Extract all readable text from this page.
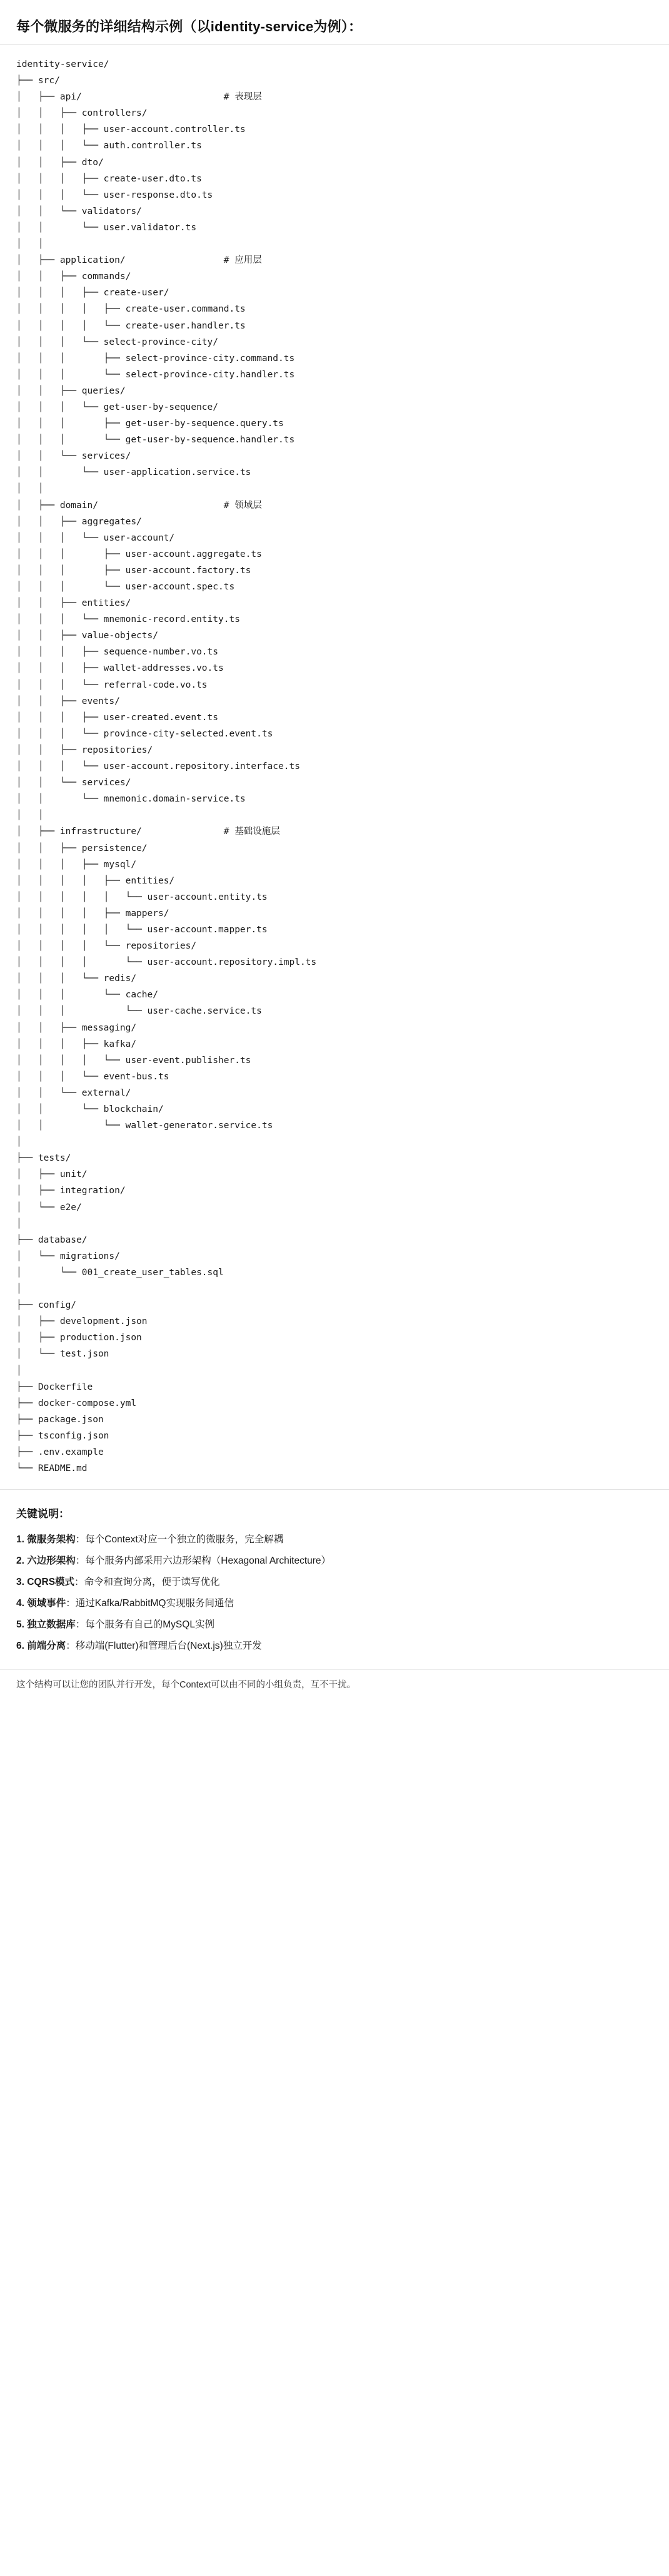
每个微服务的详细结构示例（以identity-service为例）：
identity-service/
├── src/
│   ├── api/                          # 表现层
│   │   ├── controllers/
│   │   │   ├── user-account.controller.ts
│   │   │   └── auth.controller.ts
│   │   ├── dto/
│   │   │   ├── create-user.dto.ts
│   │   │   └── user-response.dto.ts
│   │   └── validators/
│   │       └── user.validator.ts
│   │
│   ├── application/                  # 应用层
│   │   ├── commands/
│   │   │   ├── create-user/
│   │   │   │   ├── create-user.command.ts
│   │   │   │   └── create-user.handler.ts
│   │   │   └── select-province-city/
│   │   │       ├── select-province-city.command.ts
│   │   │       └── select-province-city.handler.ts
│   │   ├── queries/
│   │   │   └── get-user-by-sequence/
│   │   │       ├── get-user-by-sequence.query.ts
│   │   │       └── get-user-by-sequence.handler.ts
│   │   └── services/
│   │       └── user-application.service.ts
│   │
│   ├── domain/                       # 领域层
│   │   ├── aggregates/
│   │   │   └── user-account/
│   │   │       ├── user-account.aggregate.ts
│   │   │       ├── user-account.factory.ts
│   │   │       └── user-account.spec.ts
│   │   ├── entities/
│   │   │   └── mnemonic-record.entity.ts
│   │   ├── value-objects/
│   │   │   ├── sequence-number.vo.ts
│   │   │   ├── wallet-addresses.vo.ts
│   │   │   └── referral-code.vo.ts
│   │   ├── events/
│   │   │   ├── user-created.event.ts
│   │   │   └── province-city-selected.event.ts
│   │   ├── repositories/
│   │   │   └── user-account.repository.interface.ts
│   │   └── services/
│   │       └── mnemonic.domain-service.ts
│   │
│   ├── infrastructure/               # 基础设施层
│   │   ├── persistence/
│   │   │   ├── mysql/
│   │   │   │   ├── entities/
│   │   │   │   │   └── user-account.entity.ts
│   │   │   │   ├── mappers/
│   │   │   │   │   └── user-account.mapper.ts
│   │   │   │   └── repositories/
│   │   │   │       └── user-account.repository.impl.ts
│   │   │   └── redis/
│   │   │       └── cache/
│   │   │           └── user-cache.service.ts
│   │   ├── messaging/
│   │   │   ├── kafka/
│   │   │   │   └── user-event.publisher.ts
│   │   │   └── event-bus.ts
│   │   └── external/
│   │       └── blockchain/
│   │           └── wallet-generator.service.ts
│
├── tests/
│   ├── unit/
│   ├── integration/
│   └── e2e/
│
├── database/
│   └── migrations/
│       └── 001_create_user_tables.sql
│
├── config/
│   ├── development.json
│   ├── production.json
│   └── test.json
│
├── Dockerfile
├── docker-compose.yml
├── package.json
├── tsconfig.json
├── .env.example
└── README.md
关键说明：
1. 微服务架构：每个Context对应一个独立的微服务，完全解耦
2. 六边形架构：每个服务内部采用六边形架构（Hexagonal Architecture）
3. CQRS模式：命令和查询分离，便于读写优化
4. 领域事件：通过Kafka/RabbitMQ实现服务间通信
5. 独立数据库：每个服务有自己的MySQL实例
6. 前端分离：移动端(Flutter)和管理后台(Next.js)独立开发
这个结构可以让您的团队并行开发，每个Context可以由不同的小组负责，互不干扰。
